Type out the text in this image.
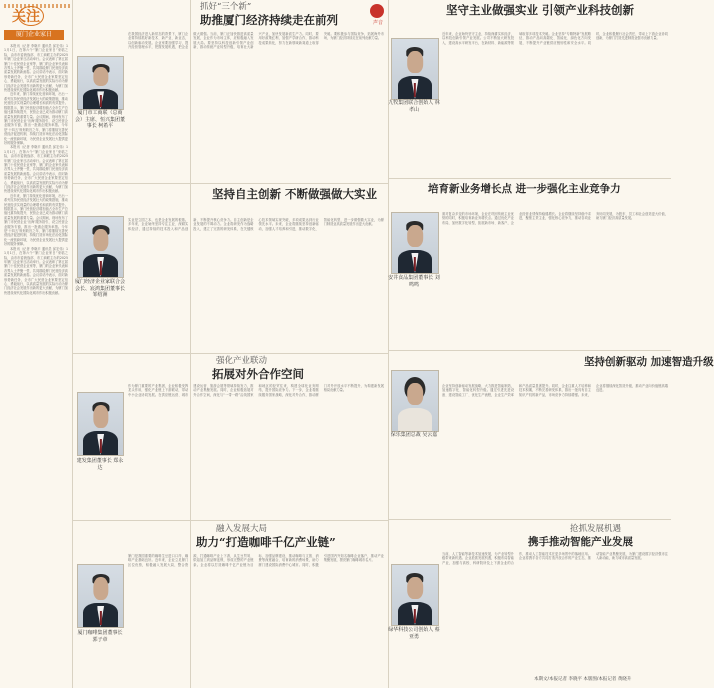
关注
厦门企业家日
声音

本报讯（记者 李晓平 通讯员 邱宏伟）11月1日，在第六个“厦门企业家日”来临之际，由市市委统战部、市工商联主办的2025年厦门企业家日活动举行。会议表彰了第五届厦门十佳民营企业家等，厦门的企业家代表和各界人士齐聚一堂，共同描绘厦门民营经济高质量发展的新画卷。会议讲话中表示，面对新形势新任务，全市广大民营企业家要坚定信心、勇毅前行，以高质量发展的实际行动为厦门经济社会发展作出新的更大贡献，为厦门加快建设现代化国际化城市作出积极贡献。

近年来，厦门持续优化营商环境，出台一系列支持民营经济发展壮大的政策措施，推动民营经济实现量的合理增长和质的有效提升。数据显示，厦门民营经济增加值占全市生产总值比重持续提升，民营企业已成为推动厦门高质量发展的重要力量。会议期间，现场发布了厦门市民营企业‘出海’服务指引，设立民营企业服务专窗，推出一批惠企服务举措。今年是‘十四五’规划收官之年，厦门将继续完善民营经济促进机制，持续打造市场化法治化国际化一流营商环境，为民营企业发展壮大提供更好的服务保障。

本报讯（记者 李晓平 通讯员 邱宏伟）11月1日，在第六个“厦门企业家日”来临之际，由市市委统战部、市工商联主办的2025年厦门企业家日活动举行。会议表彰了第五届厦门十佳民营企业家等，厦门的企业家代表和各界人士齐聚一堂，共同描绘厦门民营经济高质量发展的新画卷。会议讲话中表示，面对新形势新任务，全市广大民营企业家要坚定信心、勇毅前行，以高质量发展的实际行动为厦门经济社会发展作出新的更大贡献，为厦门加快建设现代化国际化城市作出积极贡献。

近年来，厦门持续优化营商环境，出台一系列支持民营经济发展壮大的政策措施，推动民营经济实现量的合理增长和质的有效提升。数据显示，厦门民营经济增加值占全市生产总值比重持续提升，民营企业已成为推动厦门高质量发展的重要力量。会议期间，现场发布了厦门市民营企业‘出海’服务指引，设立民营企业服务专窗，推出一批惠企服务举措。今年是‘十四五’规划收官之年，厦门将继续完善民营经济促进机制，持续打造市场化法治化国际化一流营商环境，为民营企业发展壮大提供更好的服务保障。

本报讯（记者 李晓平 通讯员 邱宏伟）11月1日，在第六个“厦门企业家日”来临之际，由市市委统战部、市工商联主办的2025年厦门企业家日活动举行。会议表彰了第五届厦门十佳民营企业家等，厦门的企业家代表和各界人士齐聚一堂，共同描绘厦门民营经济高质量发展的新画卷。会议讲话中表示，面对新形势新任务，全市广大民营企业家要坚定信心、勇毅前行，以高质量发展的实际行动为厦门经济社会发展作出新的更大贡献，为厦门加快建设现代化国际化城市作出积极贡献。

厦门市工商联（总商会）主席、恒兴集团董事长 柯希平
抓好“三个新”
助推厦门经济持续走在前列
在我国经济进入新常态的背景下，厦门企业要持续抓好新技术、新产业、新业态，以创新驱动发展。企业家要加强学习，提升经营管理水平，把握发展机遇，把企业做大做强。当前，厦门正加快推进高质量发展，企业作为市场主体，应积极融入发展大局。要坚持以科技创新引领产业创新，推动传统产业转型升级，培育壮大新兴产业，加快发展新质生产力。同时，要用好政策红利，加强产学研合作，推动科技成果转化，努力在新领域新赛道上取得突破。要积极参与国际竞争，拓展海外市场，为厦门经济持续走在前列贡献力量。
坚持自主创新 不断做强做大实业
厦门经济企业家联合会会长、宸鸿集团董事长 邹绍洲
实业是立国之本，也是企业发展的根基。多年来，企业始终坚持专注主业、深耕实体经济，通过持续的技术投入和产品创新，不断提升核心竞争力。自主创新是企业发展的不竭动力。企业将研发作为战略投入，建立了完善的研发体系，在关键核心技术领域实现突破，多项成果达到行业领先水平。未来，企业将继续坚持创新驱动，加强人才培养和引进，推动数字化、智能化转型，进一步做强做大实业，为厦门制造业高质量发展作出更大贡献。
强化产业联动
拓展对外合作空间
建发集团董事长 郑永达
作为厦门重要的产业集团，企业积极发挥龙头作用，强化产业链上下游联动，带动中小企业协同发展。在供应链运营、城市建设运营、旅游会展等领域持续发力，推动产业集聚发展。同时，企业积极拓展对外合作空间，深化与“一带一路”沿线国家和地区的经贸往来，构建全球化业务网络，提升国际竞争力。下一步，企业将继续服务国家战略，深化对外合作，推动厦门对外开放水平不断提升，为构建新发展格局贡献力量。
融入发展大局
助力“打造咖啡千亿产业链”
厦门咖啡集团董事长 郭子章
厦门是我国重要的咖啡生豆进口口岸，咖啡产业基础良好。近年来，企业立足厦门区位优势，积极融入发展大局，整合资源，打通咖啡产业上下游，从生豆贸易、烘焙加工到品牌连锁，形成完整的产业链条。企业将以打造咖啡千亿产业链为目标，加强品牌建设，推动咖啡与文旅、消费等深度融合，培育新的消费场景，助力厦门建设国际消费中心城市。同时，积极引进国内外知名咖啡企业落户，推动产业集聚发展，擦亮厦门咖啡城市名片。
坚守主业做强实业 引领产业科技创新
九牧集团联合创始人 林孝山
近年来，企业始终坚守主业，持续深耕实体经济，以科技创新引领产业发展。公司不断加大研发投入，建设高水平研发平台，在新材料、新能源等领域取得多项技术突破。企业坚持“专精特新”发展路径，推动产品向高端化、智能化、绿色化方向发展，不断提升产业链供应链韧性和安全水平。同时，企业积极履行社会责任，带动上下游企业协同创新，为厦门打造先进制造业强市贡献力量。
培育新业务增长点 进一步强化主业竞争力
安井食品集团董事长 刘鸣鸣
面对复杂多变的市场环境，企业在巩固传统主业优势的同时，积极培育新业务增长点。通过优化产业布局，加快数字化转型，拓展新市场、新客户，企业经营业绩保持稳健增长。企业将继续坚持稳中求进，聚焦主责主业，强化核心竞争力，推动各项业务协同发展，为股东、员工和社会创造更大价值，助力厦门经济高质量发展。
坚持创新驱动 加速智造升级
保乐集团总裁 吴云嘉
企业坚持创新驱动发展战略，大力推进智能制造，加速数字化、智能化转型升级。通过引进先进设备、建设智能工厂、优化生产流程，企业生产效率和产品质量显著提升。同时，企业注重人才培养和技术积累，不断完善研发体系，推出一批具有自主知识产权的新产品，市场竞争力持续增强。未来，企业将继续深化智造升级，推动产业向价值链高端迈进。
抢抓发展机遇
携手推动智能产业发展
绿华科技公司创始人 蔡亚勇
当前，人工智能等新技术加速发展，为产业转型升级带来新机遇。企业抢抓发展机遇，积极布局智能产业，加强与高校、科研院所及上下游企业的合作，推动人工智能技术在更多场景中的落地应用。企业将携手各方共同打造开放合作的产业生态，推动智能产业集聚发展，为厦门建设数字经济强市注入新动能，助力城市高质量发展。
本期文/本报记者 李晓平 本版图/本报记者 黄晓升
